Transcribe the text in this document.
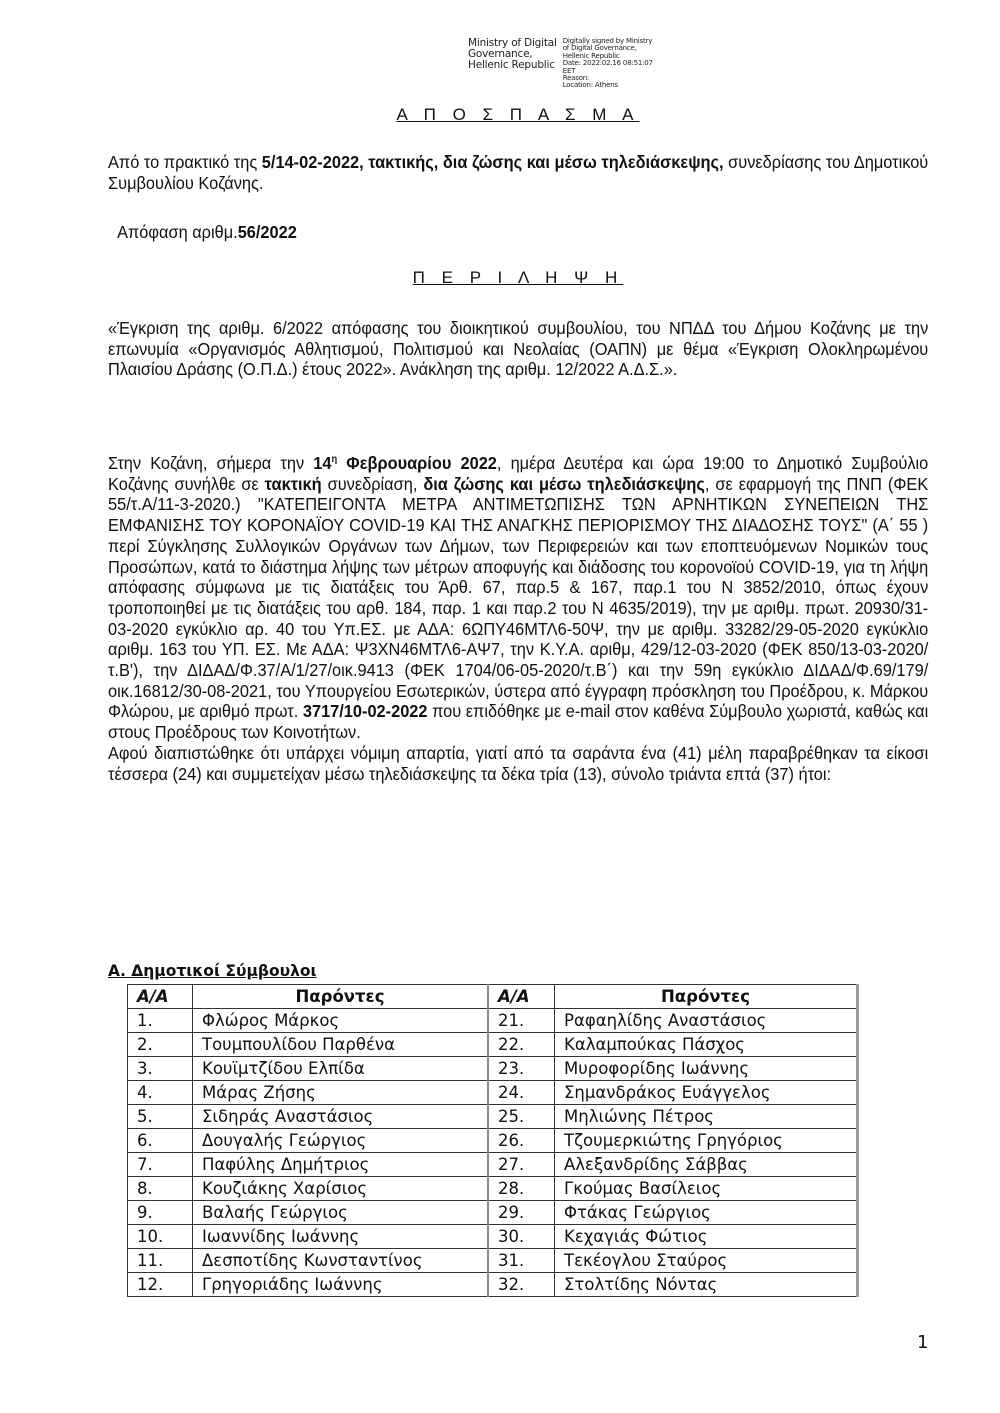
Ministry of Digital
Governance,
Hellenic Republic
Digitally signed by Ministry
of Digital Governance,
Hellenic Republic
Date: 2022.02.16 08:51:07
EET
Reason:
Location: Athens
Α Π Ο Σ Π Α Σ Μ Α
Από το πρακτικό της 5/14-02-2022, τακτικής, δια ζώσης και μέσω τηλεδιάσκεψης, συνεδρίασης του Δημοτικού Συμβουλίου Κοζάνης.
Απόφαση αριθμ.56/2022
Π Ε Ρ Ι Λ Η Ψ Η
«Έγκριση της αριθμ. 6/2022 απόφασης του διοικητικού συμβουλίου, του ΝΠΔΔ του Δήμου Κοζάνης με την επωνυμία «Οργανισμός Αθλητισμού, Πολιτισμού και Νεολαίας (ΟΑΠΝ) με θέμα «Έγκριση Ολοκληρωμένου Πλαισίου Δράσης (Ο.Π.Δ.) έτους 2022». Ανάκληση της αριθμ. 12/2022 Α.Δ.Σ.».
Στην Κοζάνη, σήμερα την $14^\eta$ Φεβρουαρίου 2022, ημέρα Δευτέρα και ώρα 19:00 το Δημοτικό Συμβούλιο Κοζάνης συνήλθε σε τακτική συνεδρίαση, δια ζώσης και μέσω τηλεδιάσκεψης, σε εφαρμογή της ΠΝΠ (ΦΕΚ 55/τ.Α/11-3-2020.) "ΚΑΤΕΠΕΙΓΟΝΤΑ ΜΕΤΡΑ ΑΝΤΙΜΕΤΩΠΙΣΗΣ ΤΩΝ ΑΡΝΗΤΙΚΩΝ ΣΥΝΕΠΕΙΩΝ ΤΗΣ ΕΜΦΑΝΙΣΗΣ ΤΟΥ ΚΟΡΟΝΑΪΟΥ COVID-19 ΚΑΙ ΤΗΣ ΑΝΑΓΚΗΣ ΠΕΡΙΟΡΙΣΜΟΥ ΤΗΣ ΔΙΑΔΟΣΗΣ ΤΟΥΣ" (Α΄ 55 ) περί Σύγκλησης Συλλογικών Οργάνων των Δήμων, των Περιφερειών και των εποπτευόμενων Νομικών τους Προσώπων, κατά το διάστημα λήψης των μέτρων αποφυγής και διάδοσης του κορονοϊού COVID-19, για τη λήψη απόφασης σύμφωνα με τις διατάξεις του Άρθ. 67, παρ.5 & 167, παρ.1 του Ν 3852/2010, όπως έχουν τροποποιηθεί με τις διατάξεις του αρθ. 184, παρ. 1 και παρ.2 του Ν 4635/2019), την με αριθμ. πρωτ. 20930/31-03-2020 εγκύκλιο αρ. 40 του Υπ.ΕΣ. με ΑΔΑ: 6ΩΠΥ46ΜΤΛ6-50Ψ, την με αριθμ. 33282/29-05-2020 εγκύκλιο αριθμ. 163 του ΥΠ. ΕΣ. Με ΑΔΑ: Ψ3ΧΝ46ΜΤΛ6-ΑΨ7, την Κ.Υ.Α. αριθμ, 429/12-03-2020 (ΦΕΚ 850/13-03-2020/τ.Β'), την ΔΙΔΑΔ/Φ.37/Α/1/27/οικ.9413 (ΦΕΚ 1704/06-05-2020/τ.Β΄) και την 59η εγκύκλιο ΔΙΔΑΔ/Φ.69/179/οικ.16812/30-08-2021, του Υπουργείου Εσωτερικών, ύστερα από έγγραφη πρόσκληση του Προέδρου, κ. Μάρκου Φλώρου, με αριθμό πρωτ. 3717/10-02-2022 που επιδόθηκε με e-mail στον καθένα Σύμβουλο χωριστά, καθώς και στους Προέδρους των Κοινοτήτων.
Αφού διαπιστώθηκε ότι υπάρχει νόμιμη απαρτία, γιατί από τα σαράντα ένα (41) μέλη παραβρέθηκαν τα είκοσι τέσσερα (24) και συμμετείχαν μέσω τηλεδιάσκεψης τα δέκα τρία (13), σύνολο τριάντα επτά (37) ήτοι:
Α. Δημοτικοί Σύμβουλοι
Α/Α	Παρόντες	Α/Α	Παρόντες
1.	Φλώρος Μάρκος	21.	Ραφαηλίδης Αναστάσιος
2.	Τουμπουλίδου Παρθένα	22.	Καλαμπούκας Πάσχος
3.	Κουϊμτζίδου Ελπίδα	23.	Μυροφορίδης Ιωάννης
4.	Μάρας Ζήσης	24.	Σημανδράκος Ευάγγελος
5.	Σιδηράς Αναστάσιος	25.	Μηλιώνης Πέτρος
6.	Δουγαλής Γεώργιος	26.	Τζουμερκιώτης Γρηγόριος
7.	Παφύλης Δημήτριος	27.	Αλεξανδρίδης Σάββας
8.	Κουζιάκης Χαρίσιος	28.	Γκούμας Βασίλειος
9.	Βαλαής Γεώργιος	29.	Φτάκας Γεώργιος
10.	Ιωαννίδης Ιωάννης	30.	Κεχαγιάς Φώτιος
11.	Δεσποτίδης Κωνσταντίνος	31.	Τεκέογλου Σταύρος
12.	Γρηγοριάδης Ιωάννης	32.	Στολτίδης Νόντας
1
